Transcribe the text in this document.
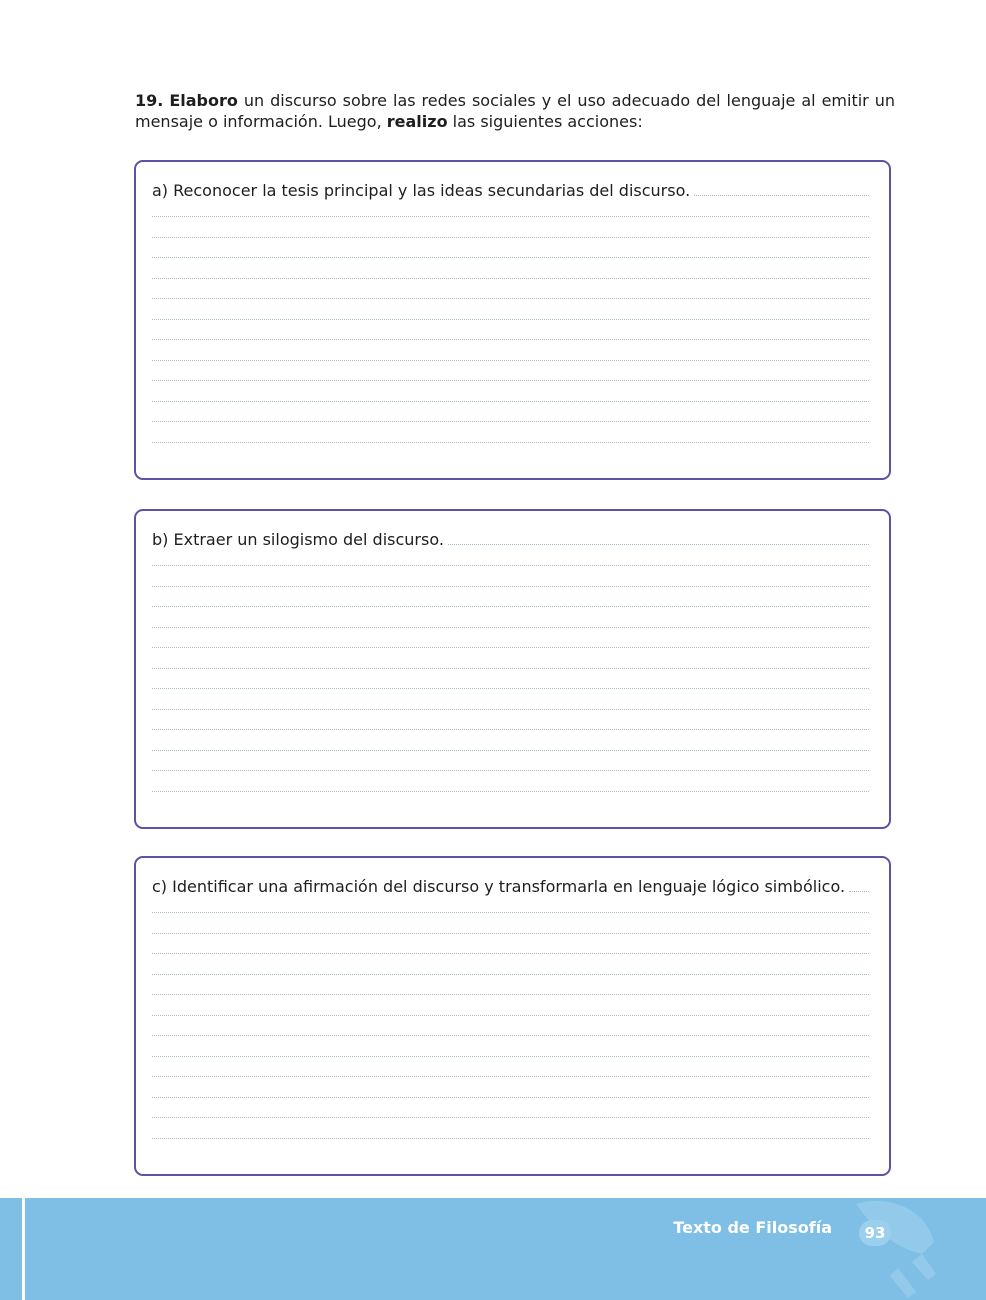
19. Elaboro un discurso sobre las redes sociales y el uso adecuado del lenguaje al emitir un mensaje o información. Luego, realizo las siguientes acciones:
a) Reconocer la tesis principal y las ideas secundarias del discurso.
b) Extraer un silogismo del discurso.
c) Identificar una afirmación del discurso y transformarla en lenguaje lógico simbólico.
Texto de Filosofía	93
